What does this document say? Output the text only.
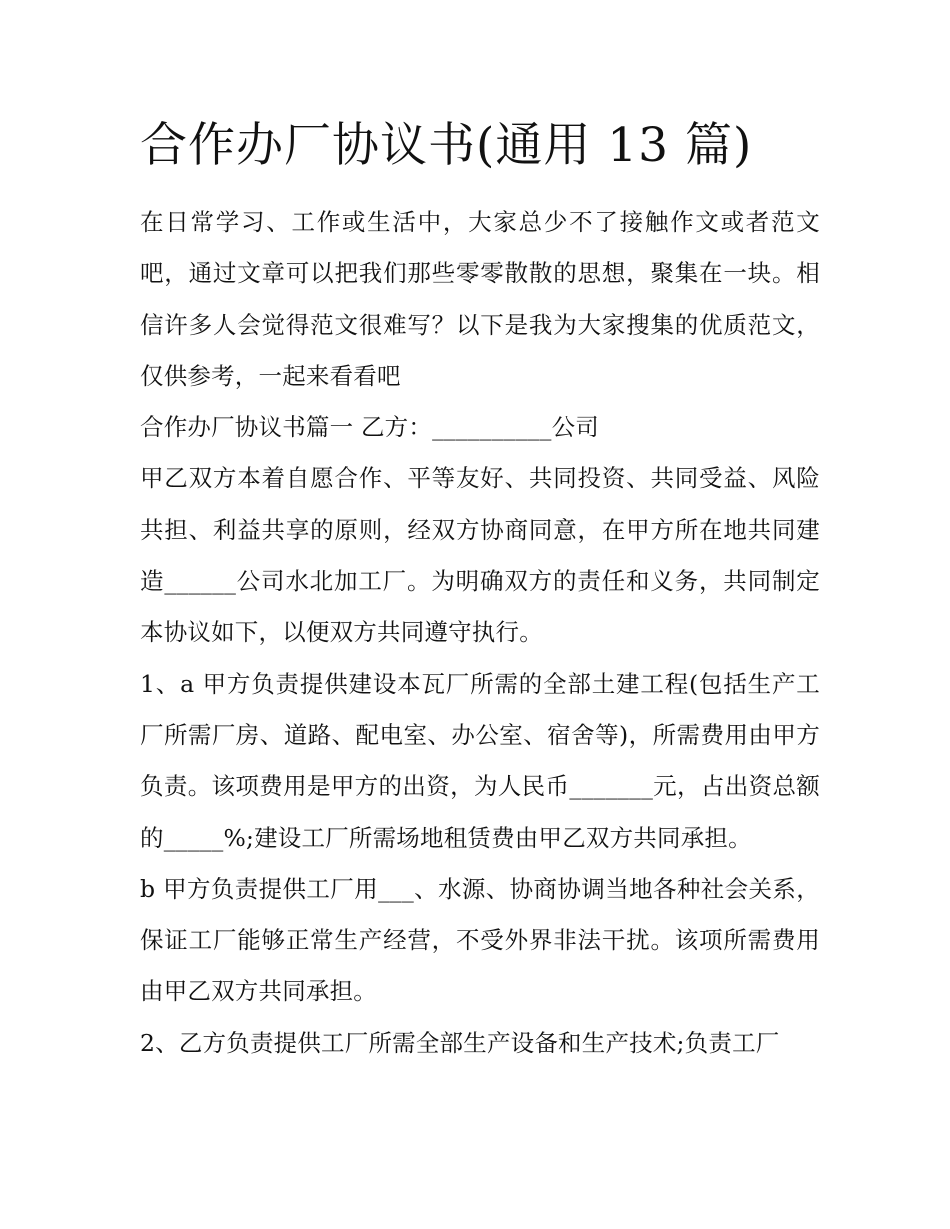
合作办厂协议书(通用 13 篇)

在日常学习、工作或生活中，大家总少不了接触作文或者范文吧，通过文章可以把我们那些零零散散的思想，聚集在一块。相信许多人会觉得范文很难写？以下是我为大家搜集的优质范文，仅供参考，一起来看看吧

合作办厂协议书篇一 乙方：__________公司

甲乙双方本着自愿合作、平等友好、共同投资、共同受益、风险共担、利益共享的原则，经双方协商同意，在甲方所在地共同建造______公司水北加工厂。为明确双方的责任和义务，共同制定本协议如下，以便双方共同遵守执行。

1、a 甲方负责提供建设本瓦厂所需的全部土建工程(包括生产工厂所需厂房、道路、配电室、办公室、宿舍等)，所需费用由甲方负责。该项费用是甲方的出资，为人民币_______元，占出资总额的_____%;建设工厂所需场地租赁费由甲乙双方共同承担。

b 甲方负责提供工厂用___、水源、协商协调当地各种社会关系，保证工厂能够正常生产经营，不受外界非法干扰。该项所需费用由甲乙双方共同承担。

2、乙方负责提供工厂所需全部生产设备和生产技术;负责工厂
